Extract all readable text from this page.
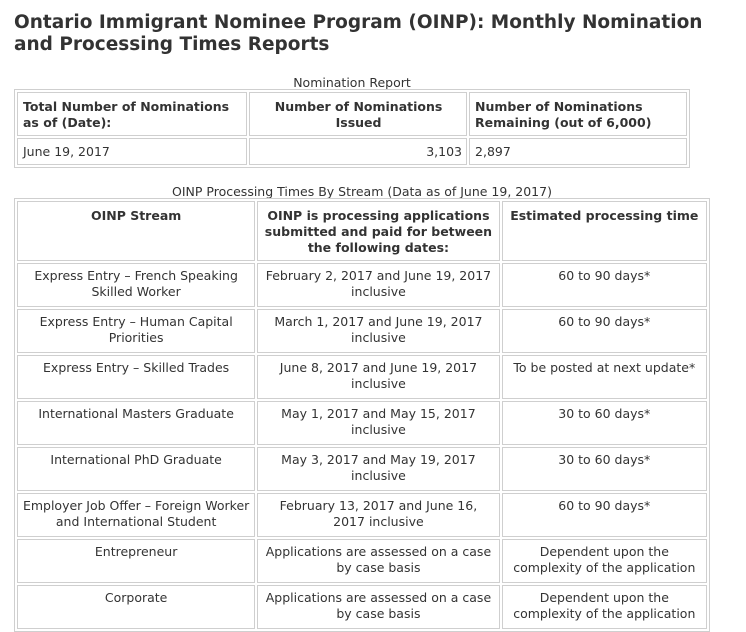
Ontario Immigrant Nominee Program (OINP): Monthly Nomination and Processing Times Reports
Nomination Report
Total Number of Nominations as of (Date):	Number of Nominations Issued	Number of Nominations Remaining (out of 6,000)
June 19, 2017	3,103	2,897
OINP Processing Times By Stream (Data as of June 19, 2017)
OINP Stream	OINP is processing applications submitted and paid for between the following dates:	Estimated processing time
Express Entry – French Speaking Skilled Worker	February 2, 2017 and June 19, 2017 inclusive	60 to 90 days*
Express Entry – Human Capital Priorities	March 1, 2017 and June 19, 2017 inclusive	60 to 90 days*
Express Entry – Skilled Trades	June 8, 2017 and June 19, 2017 inclusive	To be posted at next update*
International Masters Graduate	May 1, 2017 and May 15, 2017 inclusive	30 to 60 days*
International PhD Graduate	May 3, 2017 and May 19, 2017 inclusive	30 to 60 days*
Employer Job Offer – Foreign Worker and International Student	February 13, 2017 and June 16, 2017 inclusive	60 to 90 days*
Entrepreneur	Applications are assessed on a case by case basis	Dependent upon the complexity of the application
Corporate	Applications are assessed on a case by case basis	Dependent upon the complexity of the application
